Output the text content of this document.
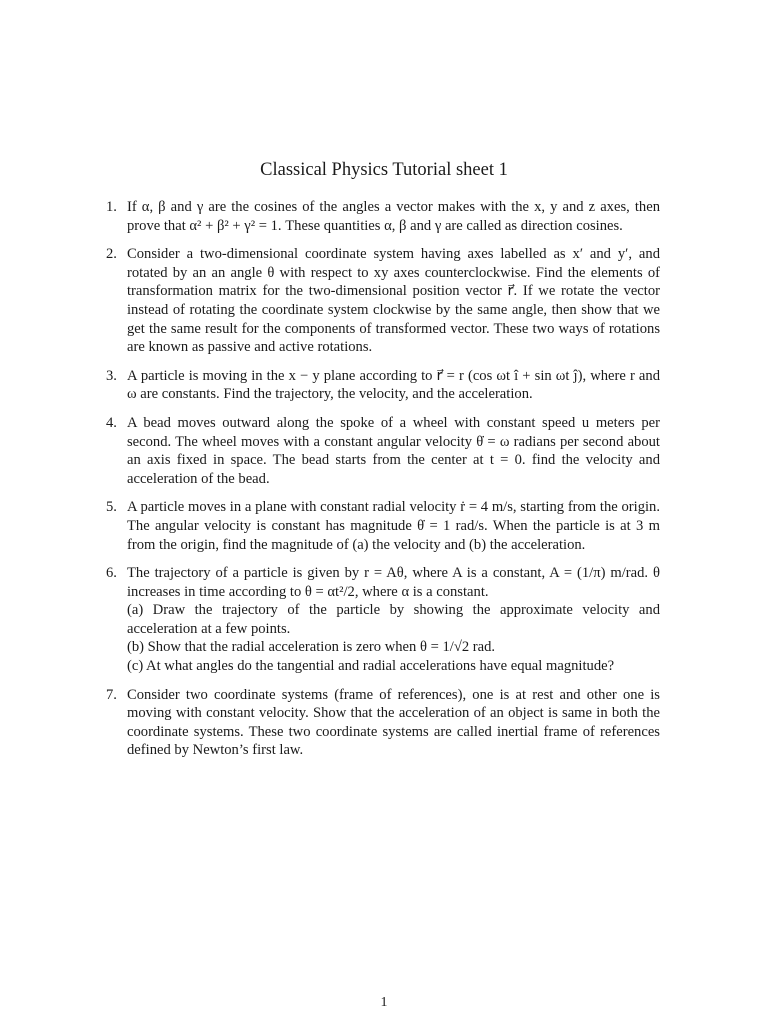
Classical Physics Tutorial sheet 1
1. If α, β and γ are the cosines of the angles a vector makes with the x, y and z axes, then prove that α² + β² + γ² = 1. These quantities α, β and γ are called as direction cosines.

2. Consider a two-dimensional coordinate system having axes labelled as x′ and y′, and rotated by an an angle θ with respect to xy axes counterclockwise. Find the elements of transformation matrix for the two-dimensional position vector r⃗. If we rotate the vector instead of rotating the coordinate system clockwise by the same angle, then show that we get the same result for the components of transformed vector. These two ways of rotations are known as passive and active rotations.

3. A particle is moving in the x − y plane according to r⃗ = r (cos ωt î + sin ωt ĵ), where r and ω are constants. Find the trajectory, the velocity, and the acceleration.

4. A bead moves outward along the spoke of a wheel with constant speed u meters per second. The wheel moves with a constant angular velocity θ̇ = ω radians per second about an axis fixed in space. The bead starts from the center at t = 0. find the velocity and acceleration of the bead.

5. A particle moves in a plane with constant radial velocity ṙ = 4 m/s, starting from the origin. The angular velocity is constant has magnitude θ̇ = 1 rad/s. When the particle is at 3 m from the origin, find the magnitude of (a) the velocity and (b) the acceleration.

6. The trajectory of a particle is given by r = Aθ, where A is a constant, A = (1/π) m/rad. θ increases in time according to θ = αt²/2, where α is a constant.

(a) Draw the trajectory of the particle by showing the approximate velocity and acceleration at a few points.

(b) Show that the radial acceleration is zero when θ = 1/√2 rad.

(c) At what angles do the tangential and radial accelerations have equal magnitude?

7. Consider two coordinate systems (frame of references), one is at rest and other one is moving with constant velocity. Show that the acceleration of an object is same in both the coordinate systems. These two coordinate systems are called inertial frame of references defined by Newton’s first law.

1
